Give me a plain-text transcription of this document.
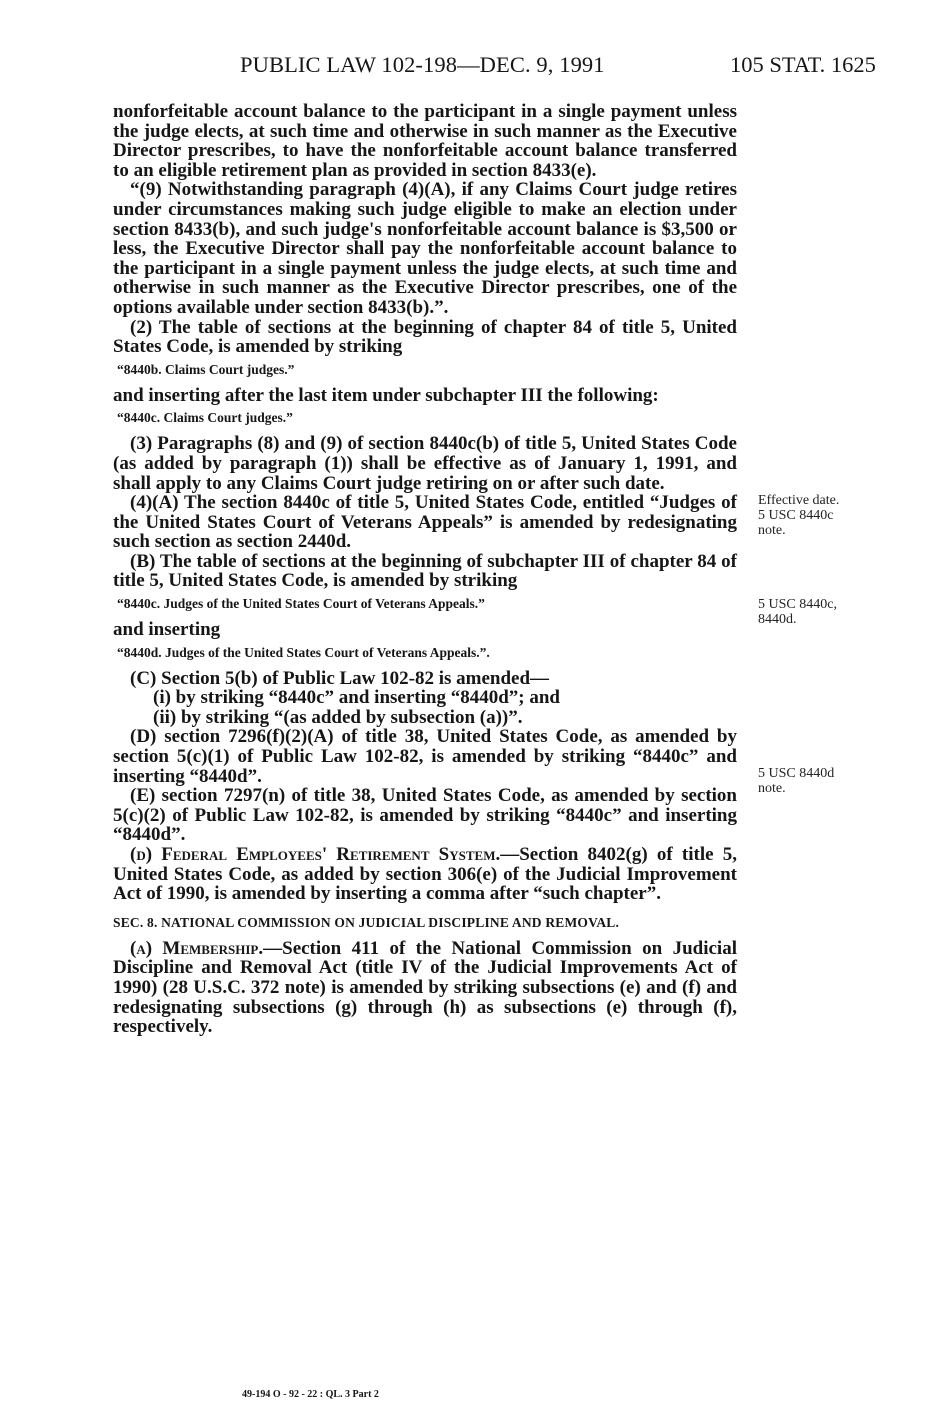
PUBLIC LAW 102-198—DEC. 9, 1991	105 STAT. 1625

nonforfeitable account balance to the participant in a single payment unless the judge elects, at such time and otherwise in such manner as the Executive Director prescribes, to have the nonforfeitable account balance transferred to an eligible retirement plan as provided in section 8433(e).

“(9) Notwithstanding paragraph (4)(A), if any Claims Court judge retires under circumstances making such judge eligible to make an election under section 8433(b), and such judge's nonforfeitable account balance is $3,500 or less, the Executive Director shall pay the nonforfeitable account balance to the participant in a single payment unless the judge elects, at such time and otherwise in such manner as the Executive Director prescribes, one of the options available under section 8433(b).”.

(2) The table of sections at the beginning of chapter 84 of title 5, United States Code, is amended by striking

“8440b. Claims Court judges.”

and inserting after the last item under subchapter III the following:

“8440c. Claims Court judges.”

(3) Paragraphs (8) and (9) of section 8440c(b) of title 5, United States Code (as added by paragraph (1)) shall be effective as of January 1, 1991, and shall apply to any Claims Court judge retiring on or after such date.

(4)(A) The section 8440c of title 5, United States Code, entitled “Judges of the United States Court of Veterans Appeals” is amended by redesignating such section as section 2440d.

(B) The table of sections at the beginning of subchapter III of chapter 84 of title 5, United States Code, is amended by striking

“8440c. Judges of the United States Court of Veterans Appeals.”

and inserting

“8440d. Judges of the United States Court of Veterans Appeals.”.

(C) Section 5(b) of Public Law 102-82 is amended—

(i) by striking “8440c” and inserting “8440d”; and

(ii) by striking “(as added by subsection (a))”.

(D) section 7296(f)(2)(A) of title 38, United States Code, as amended by section 5(c)(1) of Public Law 102-82, is amended by striking “8440c” and inserting “8440d”.

(E) section 7297(n) of title 38, United States Code, as amended by section 5(c)(2) of Public Law 102-82, is amended by striking “8440c” and inserting “8440d”.

(d) Federal Employees' Retirement System.—Section 8402(g) of title 5, United States Code, as added by section 306(e) of the Judicial Improvement Act of 1990, is amended by inserting a comma after “such chapter”.

SEC. 8. NATIONAL COMMISSION ON JUDICIAL DISCIPLINE AND REMOVAL.

(a) Membership.—Section 411 of the National Commission on Judicial Discipline and Removal Act (title IV of the Judicial Improvements Act of 1990) (28 U.S.C. 372 note) is amended by striking subsections (e) and (f) and redesignating subsections (g) through (h) as subsections (e) through (f), respectively.

Effective date.
5 USC 8440c
note.
5 USC 8440c,
8440d.
5 USC 8440d
note.
49-194 O - 92 - 22 : QL. 3 Part 2
